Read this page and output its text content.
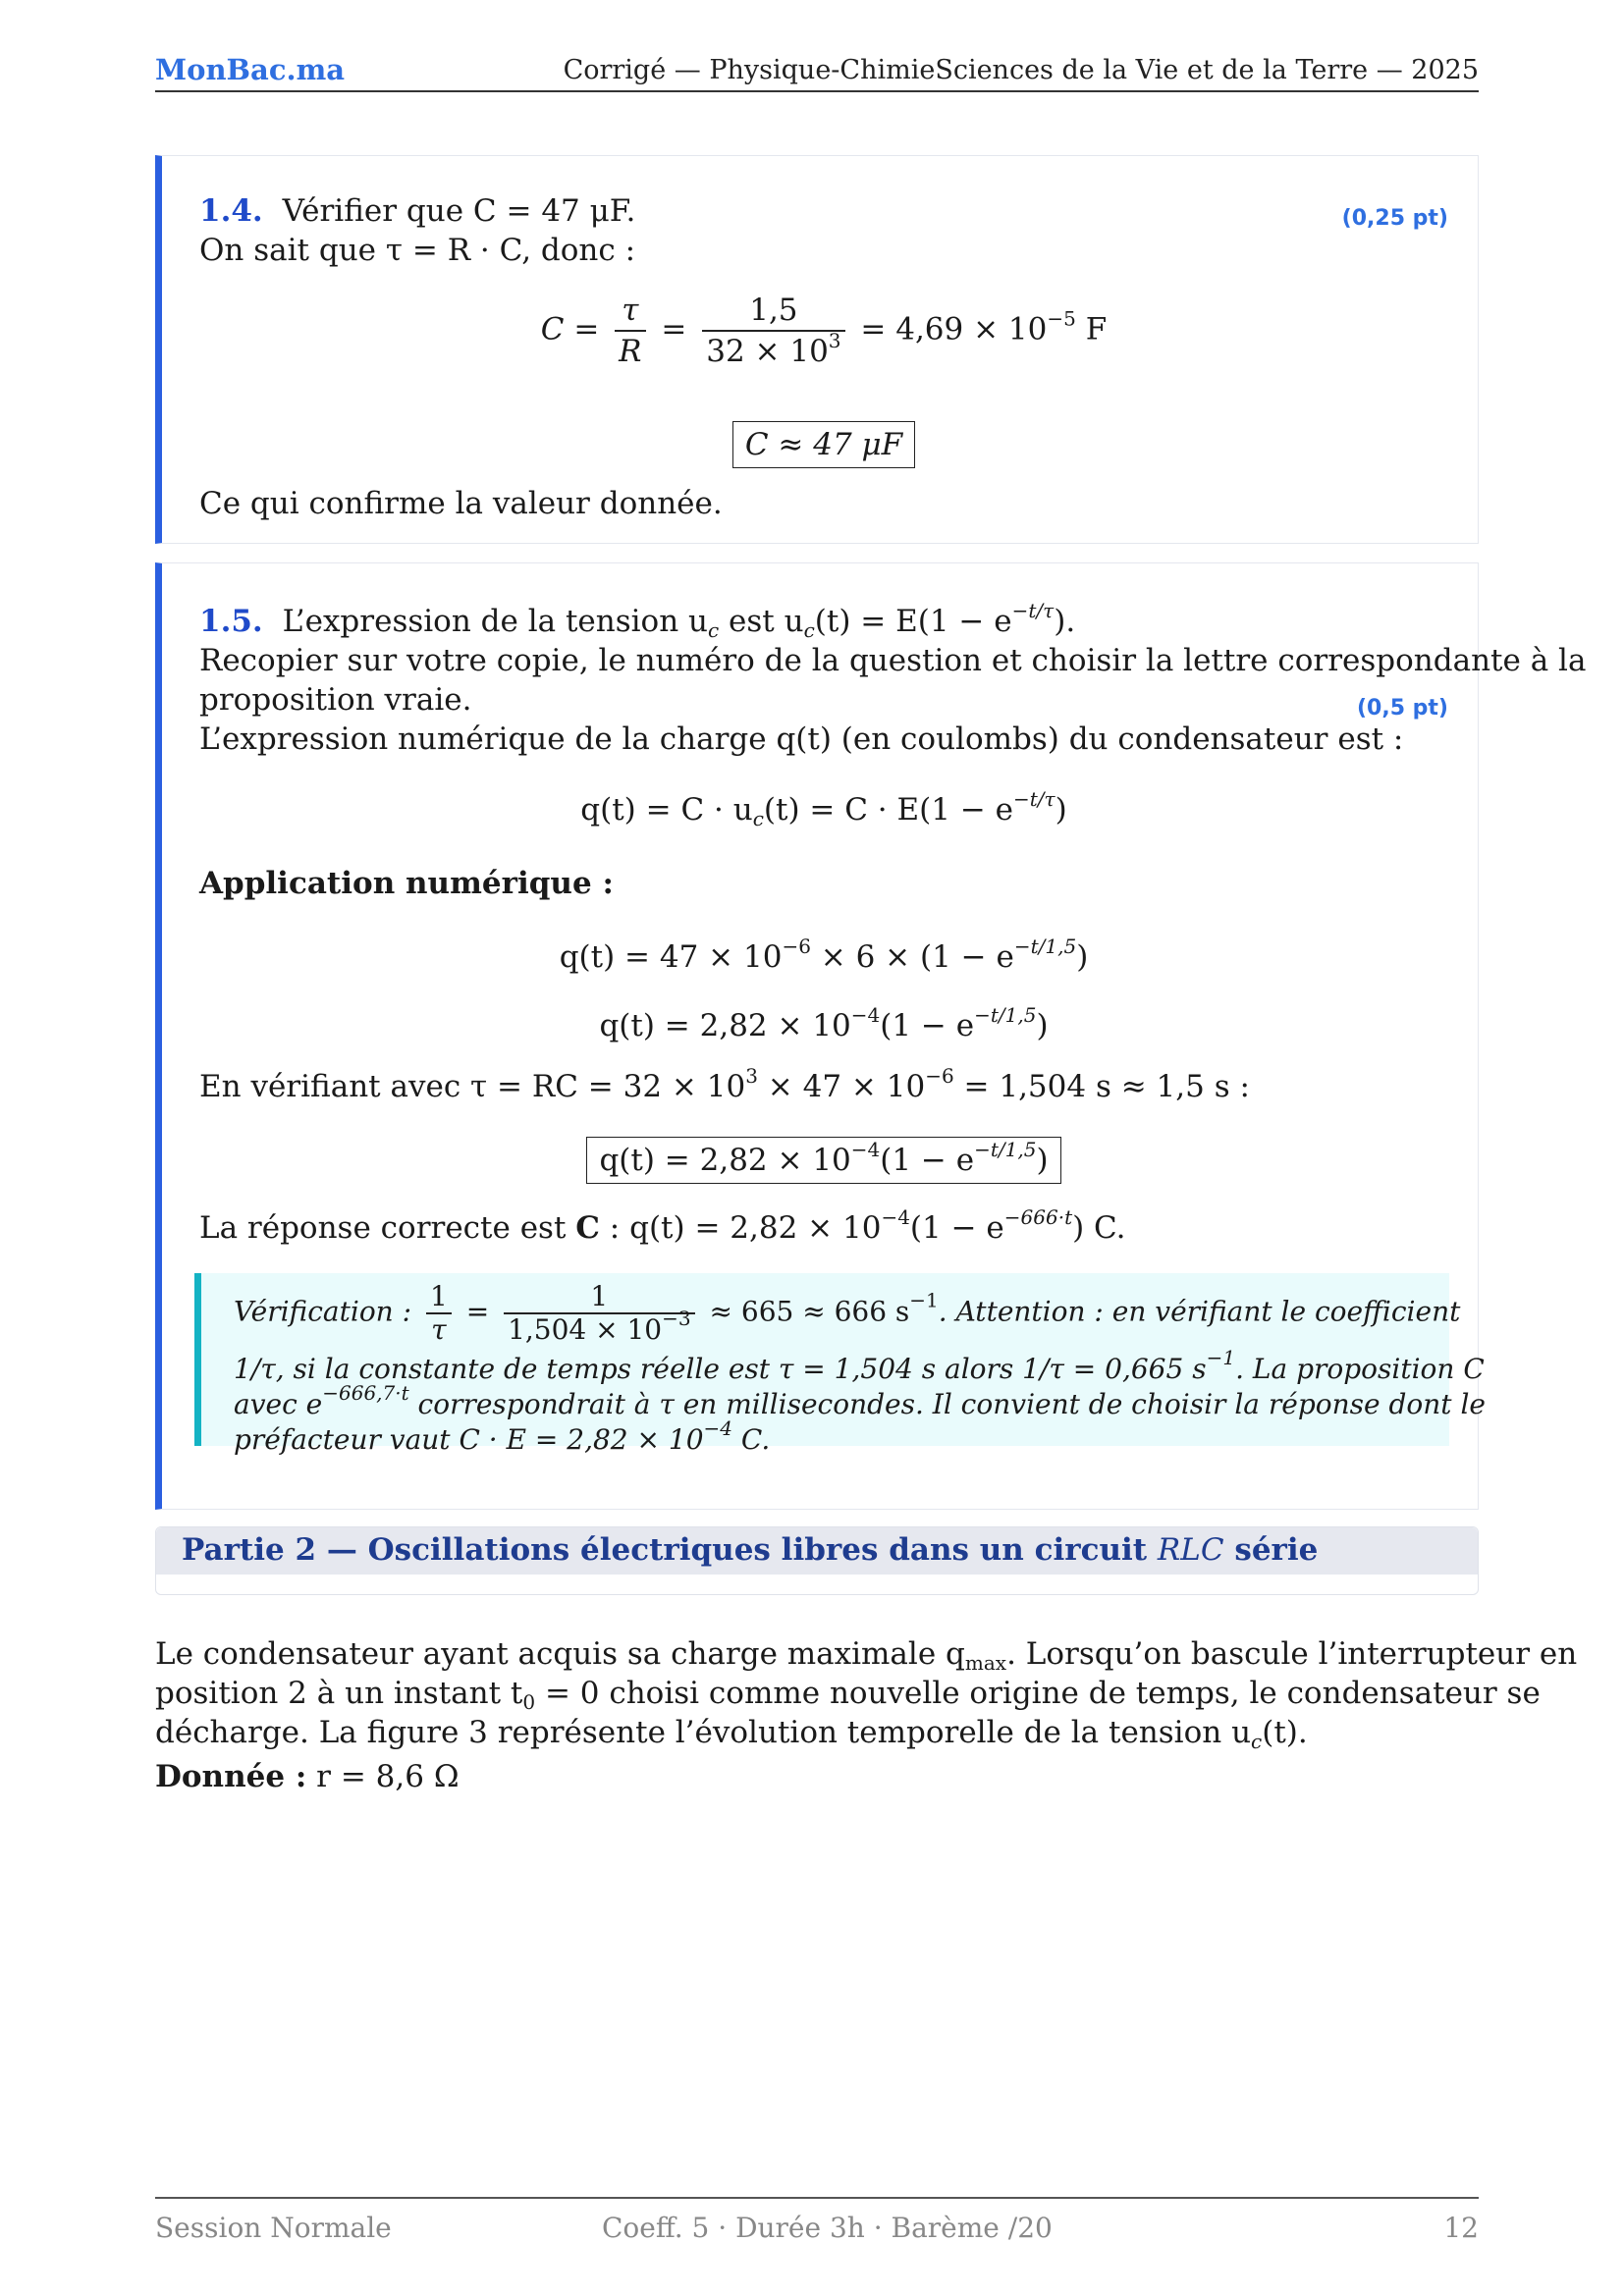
MonBac.ma	Corrigé — Physique-ChimieSciences de la Vie et de la Terre — 2025
1.4. Vérifier que C = 47 μF.	(0,25 pt)
On sait que τ = R · C, donc :
$C = \frac{\tau}{R} = \frac{1,5}{32 \times 10^3} = 4,69 \times 10^{-5}$ F
C ≈ 47 μF
Ce qui confirme la valeur donnée.
1.5. L’expression de la tension $u_c$ est $u_c(t) = E(1 - e^{-t/\tau})$.
Recopier sur votre copie, le numéro de la question et choisir la lettre correspondante à la
proposition vraie.	(0,5 pt)
L’expression numérique de la charge q(t) (en coulombs) du condensateur est :
$q(t) = C \cdot u_c(t) = C \cdot E(1 - e^{-t/\tau})$
Application numérique :
$q(t) = 47 \times 10^{-6} \times 6 \times (1 - e^{-t/1,5})$
$q(t) = 2,82 \times 10^{-4}(1 - e^{-t/1,5})$
En vérifiant avec τ = RC = $32 \times 10^3 \times 47 \times 10^{-6} = 1,504$ s ≈ 1,5 s :
$q(t) = 2,82 \times 10^{-4}(1 - e^{-t/1,5})$
La réponse correcte est C : $q(t) = 2,82 \times 10^{-4}(1 - e^{-666\cdot t})$ C.
Vérification : $\frac{1}{\tau} = \frac{1}{1,504 \times 10^{-3}} \approx 665 \approx 666$ $s^{-1}$. Attention : en vérifiant le coefficient
1/τ, si la constante de temps réelle est τ = 1,504 s alors 1/τ = 0,665 $s^{-1}$. La proposition C
avec $e^{-666,7\cdot t}$ correspondrait à τ en millisecondes. Il convient de choisir la réponse dont le
préfacteur vaut $C \cdot E = 2,82 \times 10^{-4}$ C.
Partie 2 — Oscillations électriques libres dans un circuit RLC série
Le condensateur ayant acquis sa charge maximale $q_{max}$. Lorsqu’on bascule l’interrupteur en
position 2 à un instant $t_0 = 0$ choisi comme nouvelle origine de temps, le condensateur se
décharge. La figure 3 représente l’évolution temporelle de la tension $u_c(t)$.
Donnée : r = 8,6 Ω
Session Normale	Coeff. 5 · Durée 3h · Barème /20	12
